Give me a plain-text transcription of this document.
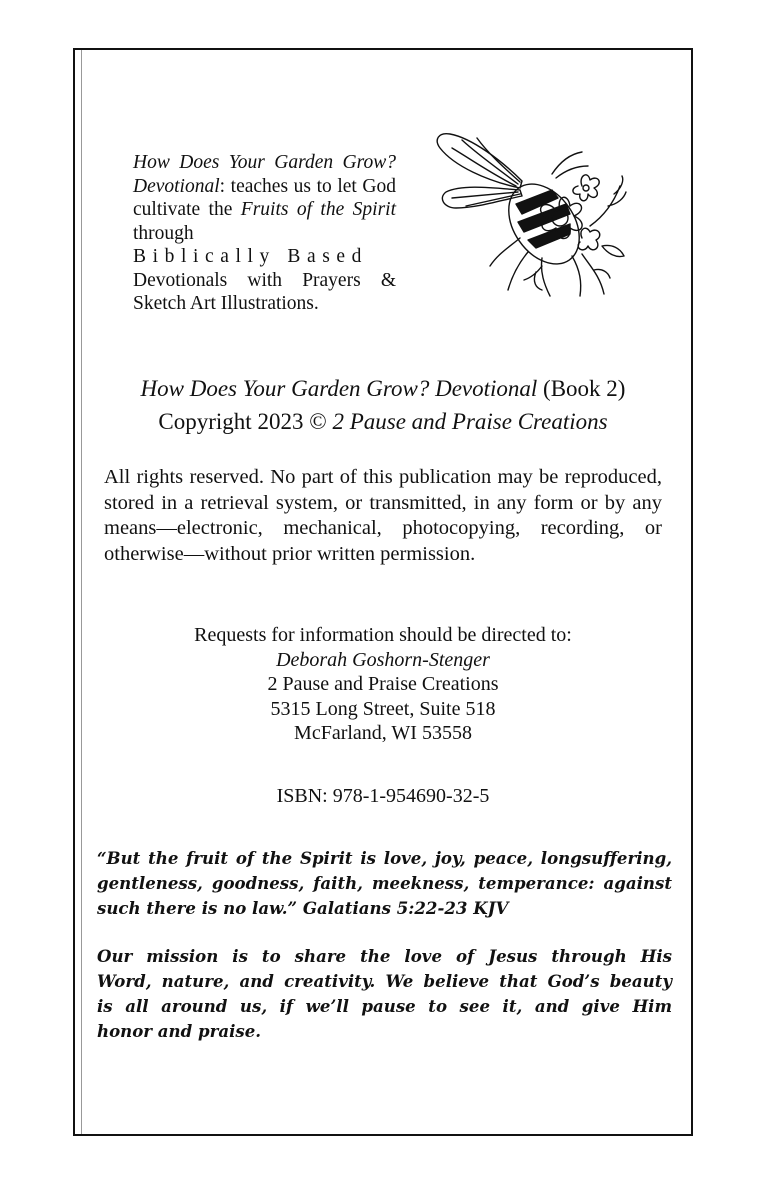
How Does Your Garden Grow? Devotional: teaches us to let God cultivate the Fruits of the Spirit through
Biblically Based
Devotionals with Prayers & Sketch Art Illustrations.
How Does Your Garden Grow? Devotional (Book 2)
Copyright 2023 © 2 Pause and Praise Creations
All rights reserved. No part of this publication may be reproduced, stored in a retrieval system, or transmitted, in any form or by any means—electronic, mechanical, photocopying, recording, or otherwise—without prior written permission.
Requests for information should be directed to:
Deborah Goshorn-Stenger
2 Pause and Praise Creations
5315 Long Street, Suite 518
McFarland, WI 53558
ISBN: 978-1-954690-32-5
“But the fruit of the Spirit is love, joy, peace, longsuffering,
gentleness, goodness, faith, meekness, temperance: against
such there is no law.” Galatians 5:22-23 KJV
Our mission is to share the love of Jesus through His
Word, nature, and creativity. We believe that God’s beauty
is all around us, if we’ll pause to see it, and give Him
honor and praise.
